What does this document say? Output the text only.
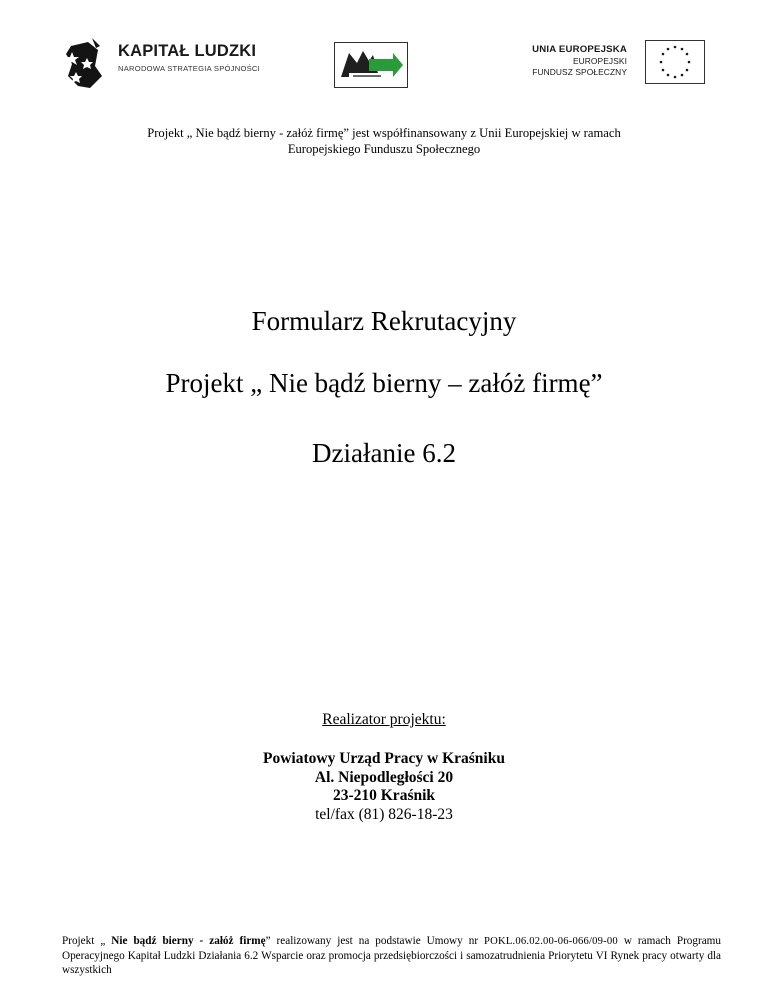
KAPITAŁ LUDZKI
NARODOWA STRATEGIA SPÓJNOŚCI
UNIA EUROPEJSKA
EUROPEJSKI
FUNDUSZ SPOŁECZNY
Projekt „ Nie bądź bierny - załóż firmę” jest współfinansowany z Unii Europejskiej w ramach
Europejskiego Funduszu Społecznego
Formularz Rekrutacyjny
Projekt „ Nie bądź bierny – załóż firmę”
Działanie 6.2
Realizator projektu:
Powiatowy Urząd Pracy w Kraśniku
Al. Niepodległości 20
23-210 Kraśnik
tel/fax (81) 826-18-23
Projekt „ Nie bądź bierny - załóż firmę” realizowany jest na podstawie Umowy nr POKL.06.02.00-06-066/09-00 w ramach Programu Operacyjnego Kapitał Ludzki Działania 6.2 Wsparcie oraz promocja przedsiębiorczości i samozatrudnienia Priorytetu VI Rynek pracy otwarty dla wszystkich
